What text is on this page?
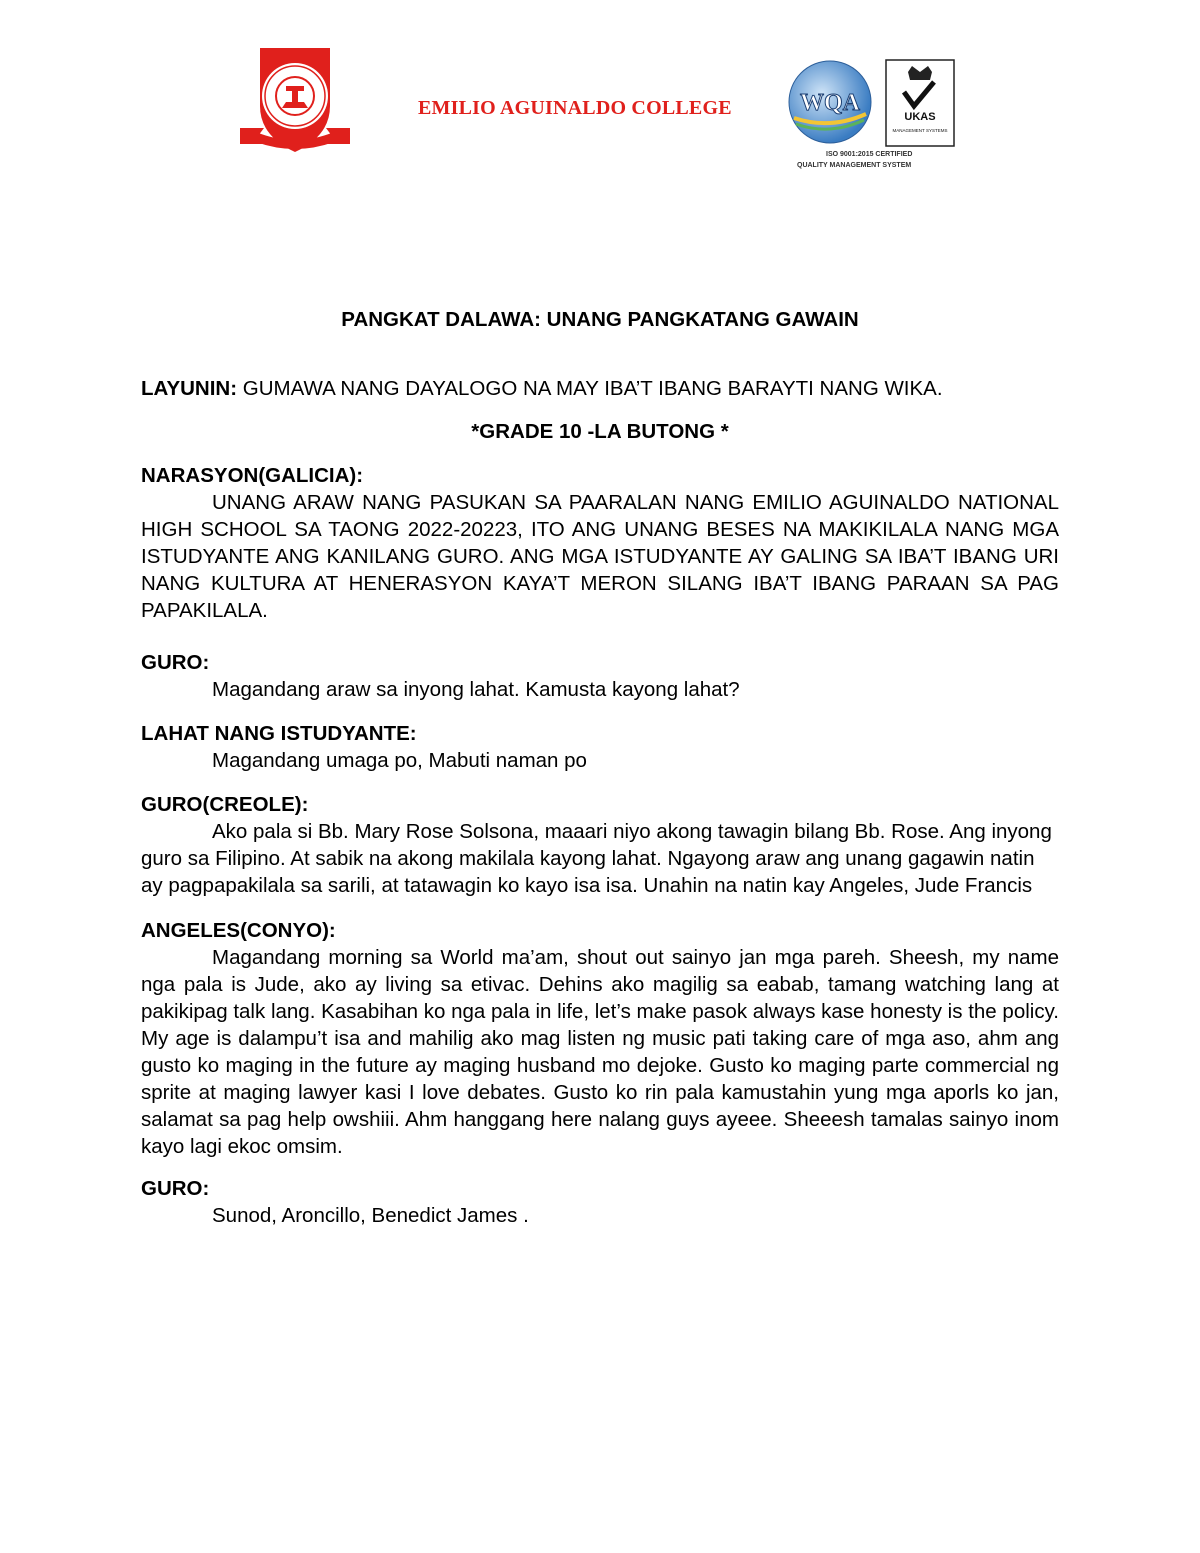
EMILIO AGUINALDO COLLEGE	WQA
UKAS
MANAGEMENT SYSTEMS
ISO 9001:2015 CERTIFIED
QUALITY MANAGEMENT SYSTEM

PANGKAT DALAWA: UNANG PANGKATANG GAWAIN

LAYUNIN: GUMAWA NANG DAYALOGO NA MAY IBA’T IBANG BARAYTI NANG WIKA.

*GRADE 10 -LA BUTONG *

NARASYON(GALICIA):

UNANG ARAW NANG PASUKAN SA PAARALAN NANG EMILIO AGUINALDO NATIONAL HIGH SCHOOL SA TAONG 2022-20223, ITO ANG UNANG BESES NA MAKIKILALA NANG MGA ISTUDYANTE ANG KANILANG GURO. ANG MGA ISTUDYANTE AY GALING SA IBA’T IBANG URI NANG KULTURA AT HENERASYON KAYA’T MERON SILANG IBA’T IBANG PARAAN SA PAG PAPAKILALA.

GURO:

Magandang araw sa inyong lahat. Kamusta kayong lahat?

LAHAT NANG ISTUDYANTE:

Magandang umaga po, Mabuti naman po

GURO(CREOLE):

Ako pala si Bb. Mary Rose Solsona, maaari niyo akong tawagin bilang Bb. Rose. Ang inyong guro sa Filipino. At sabik na akong makilala kayong lahat. Ngayong araw ang unang gagawin natin ay pagpapakilala sa sarili, at tatawagin ko kayo isa isa. Unahin na natin kay Angeles, Jude Francis

ANGELES(CONYO):

Magandang morning sa World ma’am, shout out sainyo jan mga pareh. Sheesh, my name nga pala is Jude, ako ay living sa etivac. Dehins ako magilig sa eabab, tamang watching lang at pakikipag talk lang. Kasabihan ko nga pala in life, let’s make pasok always kase honesty is the policy. My age is dalampu’t isa and mahilig ako mag listen ng music pati taking care of mga aso, ahm ang gusto ko maging in the future ay maging husband mo dejoke. Gusto ko maging parte commercial ng sprite at maging lawyer kasi I love debates. Gusto ko rin pala kamustahin yung mga aporls ko jan, salamat sa pag help owshiii. Ahm hanggang here nalang guys ayeee. Sheeesh tamalas sainyo inom kayo lagi ekoc omsim.

GURO:

Sunod, Aroncillo, Benedict James .
